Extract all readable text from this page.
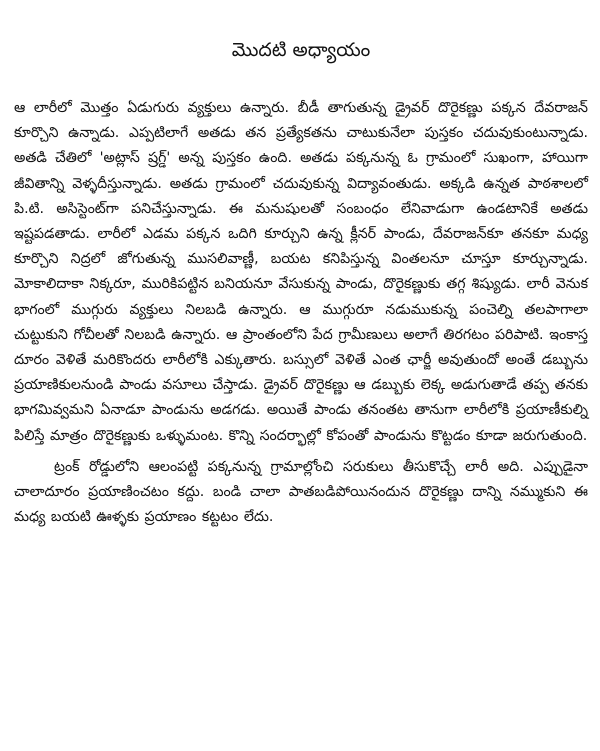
మొదటి అధ్యాయం

ఆ లారీలో మొత్తం ఏడుగురు వ్యక్తులు ఉన్నారు. బీడీ తాగుతున్న డ్రైవర్ దొరైకణ్ణు పక్కన దేవరాజన్ కూర్చొని ఉన్నాడు. ఎప్పటిలాగే అతడు తన ప్రత్యేకతను చాటుకునేలా పుస్తకం చదువుకుంటున్నాడు. అతడి చేతిలో 'అట్లాస్ ష్రగ్డ్' అన్న పుస్తకం ఉంది. అతడు పక్కనున్న ఓ గ్రామంలో సుఖంగా, హాయిగా జీవితాన్ని వెళ్ళదీస్తున్నాడు. అతడు గ్రామంలో చదువుకున్న విద్యావంతుడు. అక్కడి ఉన్నత పాఠశాలలో పి.టి. అసిస్టెంట్‌గా పనిచేస్తున్నాడు. ఈ మనుషులతో సంబంధం లేనివాడుగా ఉండటానికే అతడు ఇష్టపడతాడు. లారీలో ఎడమ పక్కన ఒదిగి కూర్చుని ఉన్న క్లీనర్ పాండు, దేవరాజన్‌కూ తనకూ మధ్య కూర్చొని నిద్రలో జోగుతున్న ముసలివాణ్ణీ, బయట కనిపిస్తున్న వింతలనూ చూస్తూ కూర్చున్నాడు. మోకాలిదాకా నిక్కరూ, మురికిపట్టిన బనియనూ వేసుకున్న పాండు, దొరైకణ్ణుకు తగ్గ శిష్యుడు. లారీ వెనుక భాగంలో ముగ్గురు వ్యక్తులు నిలబడి ఉన్నారు. ఆ ముగ్గురూ నడుముకున్న పంచెల్ని తలపాగాలా చుట్టుకుని గోచీలతో నిలబడి ఉన్నారు. ఆ ప్రాంతంలోని పేద గ్రామీణులు అలాగే తిరగటం పరిపాటి. ఇంకాస్త దూరం వెళితే మరికొందరు లారీలోకి ఎక్కుతారు. బస్సులో వెళితే ఎంత ఛార్జీ అవుతుందో అంతే డబ్బును ప్రయాణికులనుండి పాండు వసూలు చేస్తాడు. డ్రైవర్ దొరైకణ్ణు ఆ డబ్బుకు లెక్క అడుగుతాడే తప్ప తనకు భాగమివ్వమని ఏనాడూ పాండును అడగడు. అయితే పాండు తనంతట తానుగా లారీలోకి ప్రయాణీకుల్ని పిలిస్తే మాత్రం దొరైకణ్ణుకు ఒళ్ళుమంట. కొన్ని సందర్భాల్లో కోపంతో పాండును కొట్టడం కూడా జరుగుతుంది.

ట్రంక్ రోడ్డులోని ఆలంపట్టి పక్కనున్న గ్రామాల్లోంచి సరుకులు తీసుకొచ్చే లారీ అది. ఎప్పుడైనా చాలాదూరం ప్రయాణించటం కద్దు. బండి చాలా పాతబడిపోయినందున దొరైకణ్ణు దాన్ని నమ్ముకుని ఈ మధ్య బయటి ఊళ్ళకు ప్రయాణం కట్టటం లేదు.
